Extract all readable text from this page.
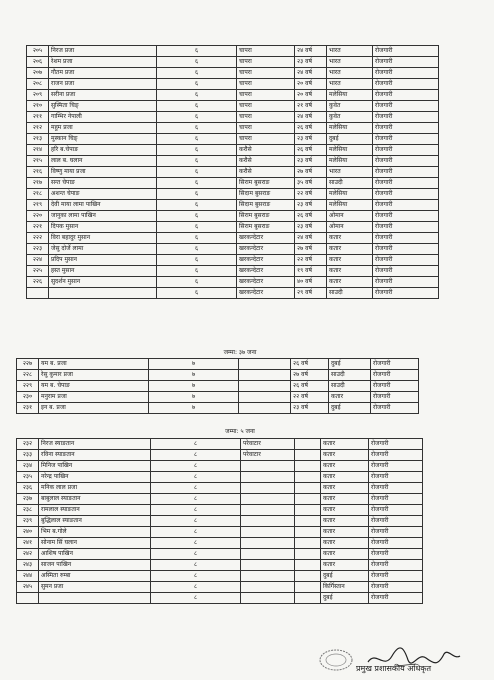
२०५	निरज प्रजा	६	चापरा	२४ वर्ष	भारत	रोजगारी
२०६	रेशम प्रजा	६	चापरा	२३ वर्ष	भारत	रोजगारी
२०७	गौतम प्रजा	६	चापरा	२४ वर्ष	भारत	रोजगारी
२०८	राजन प्रजा	६	चापरा	२० वर्ष	भारत	रोजगारी
२०९	सरीना प्रजा	६	चापरा	२० वर्ष	मलेसिया	रोजगारी
२१०	सुस्मिता चिङ्	६	चापरा	२१ वर्ष	कुवेत	रोजगारी
२११	गाम्भिर नेपाली	६	चापरा	२४ वर्ष	कुवेत	रोजगारी
२१२	महुम प्रजा	६	चापरा	२६ वर्ष	मलेसिया	रोजगारी
२१३	मुस्कान चिङ्	६	चापरा	२३ वर्ष	दुबई	रोजगारी
२१४	हरि ब.चेपाङ	६	करौसे	२६ वर्ष	मलेसिया	रोजगारी
२१५	लाल ब. घलान	६	करौसे	२३ वर्ष	मलेसिया	रोजगारी
२१६	विष्णु माया प्रजा	६	करौसे	२७ वर्ष	भारत	रोजगारी
२१७	सन्त चेपाङ	६	सिराम बुसराङ	३५ वर्ष	साउदी	रोजगारी
२१८	अशन्त चेपाङ	६	सिदाम बुसराङ	२२ वर्ष	मलेसिया	रोजगारी
२१९	देवी माया लामा पाखिन	६	सिदाम बुसराङ	२३ वर्ष	मलेसिया	रोजगारी
२२०	जानुका लामा पाखिन	६	सिराम बुसराङ	२६ वर्ष	ओमान	रोजगारी
२२१	दिपक मुसान	६	सिराम बुसराङ	२३ वर्ष	ओमान	रोजगारी
२२२	विरा बहादुर मुसान	६	खरकन्देटार	२४ वर्ष	कतार	रोजगारी
२२३	जेसु दोर्जे लामा	६	खरकन्देटार	२७ वर्ष	कतार	रोजगारी
२२४	प्रदिप मुसान	६	खरकन्देटार	२२ वर्ष	कतार	रोजगारी
२२५	हस्त मुसान	६	खरकन्देटार	१९ वर्ष	कतार	रोजगारी
२२६	सुदर्शन मुसान	६	खरकन्देटार	४० वर्ष	कतार	रोजगारी
		६	खरकन्देटार	२९ वर्ष	साउदी	रोजगारी
जम्मा: ३७ जना
२२७	यम ब. प्रजा	७		२६ वर्ष	दुबई	रोजगारी
२२८	रेसु कुमार प्रजा	७		२७ वर्ष	साउदी	रोजगारी
२२९	यम ब. चेपाङ	७		२६ वर्ष	साउदी	रोजगारी
२३०	मनुराम प्रजा	७		२२ वर्ष	कतार	रोजगारी
२३१	इन ब. प्रजा	७		२३ वर्ष	दुबई	रोजगारी
जम्मा: ५ जना
२३२	निरज स्याङतान	८	परेवाटार		कतार	रोजगारी
२३३	रविना स्याङतान	८	परेवाटार		कतार	रोजगारी
२३४	मिनिज पाखिन	८			कतार	रोजगारी
२३५	नरेन्द्र पाखिन	८			कतार	रोजगारी
२३६	मनिक लाल प्रजा	८			कतार	रोजगारी
२३७	बाबुलाल स्याङतान	८			कतार	रोजगारी
२३८	रामलाल स्याङतान	८			कतार	रोजगारी
२३९	बुद्धिलाल स्याङतान	८			कतार	रोजगारी
२४०	भिम ब.गोले	८			कतार	रोजगारी
२४१	सोनाम सिं घलान	८			कतार	रोजगारी
२४२	आशिष पाखिन	८			कतार	रोजगारी
२४३	साजन पाखिन	८			कतार	रोजगारी
२४४	अस्मिता रुम्बा	८			दुबई	रोजगारी
२४५	सुमन प्रजा	८			किर्गिस्तान	रोजगारी
		८			दुबई	रोजगारी
प्रमुख प्रशासकीय अधिकृत
